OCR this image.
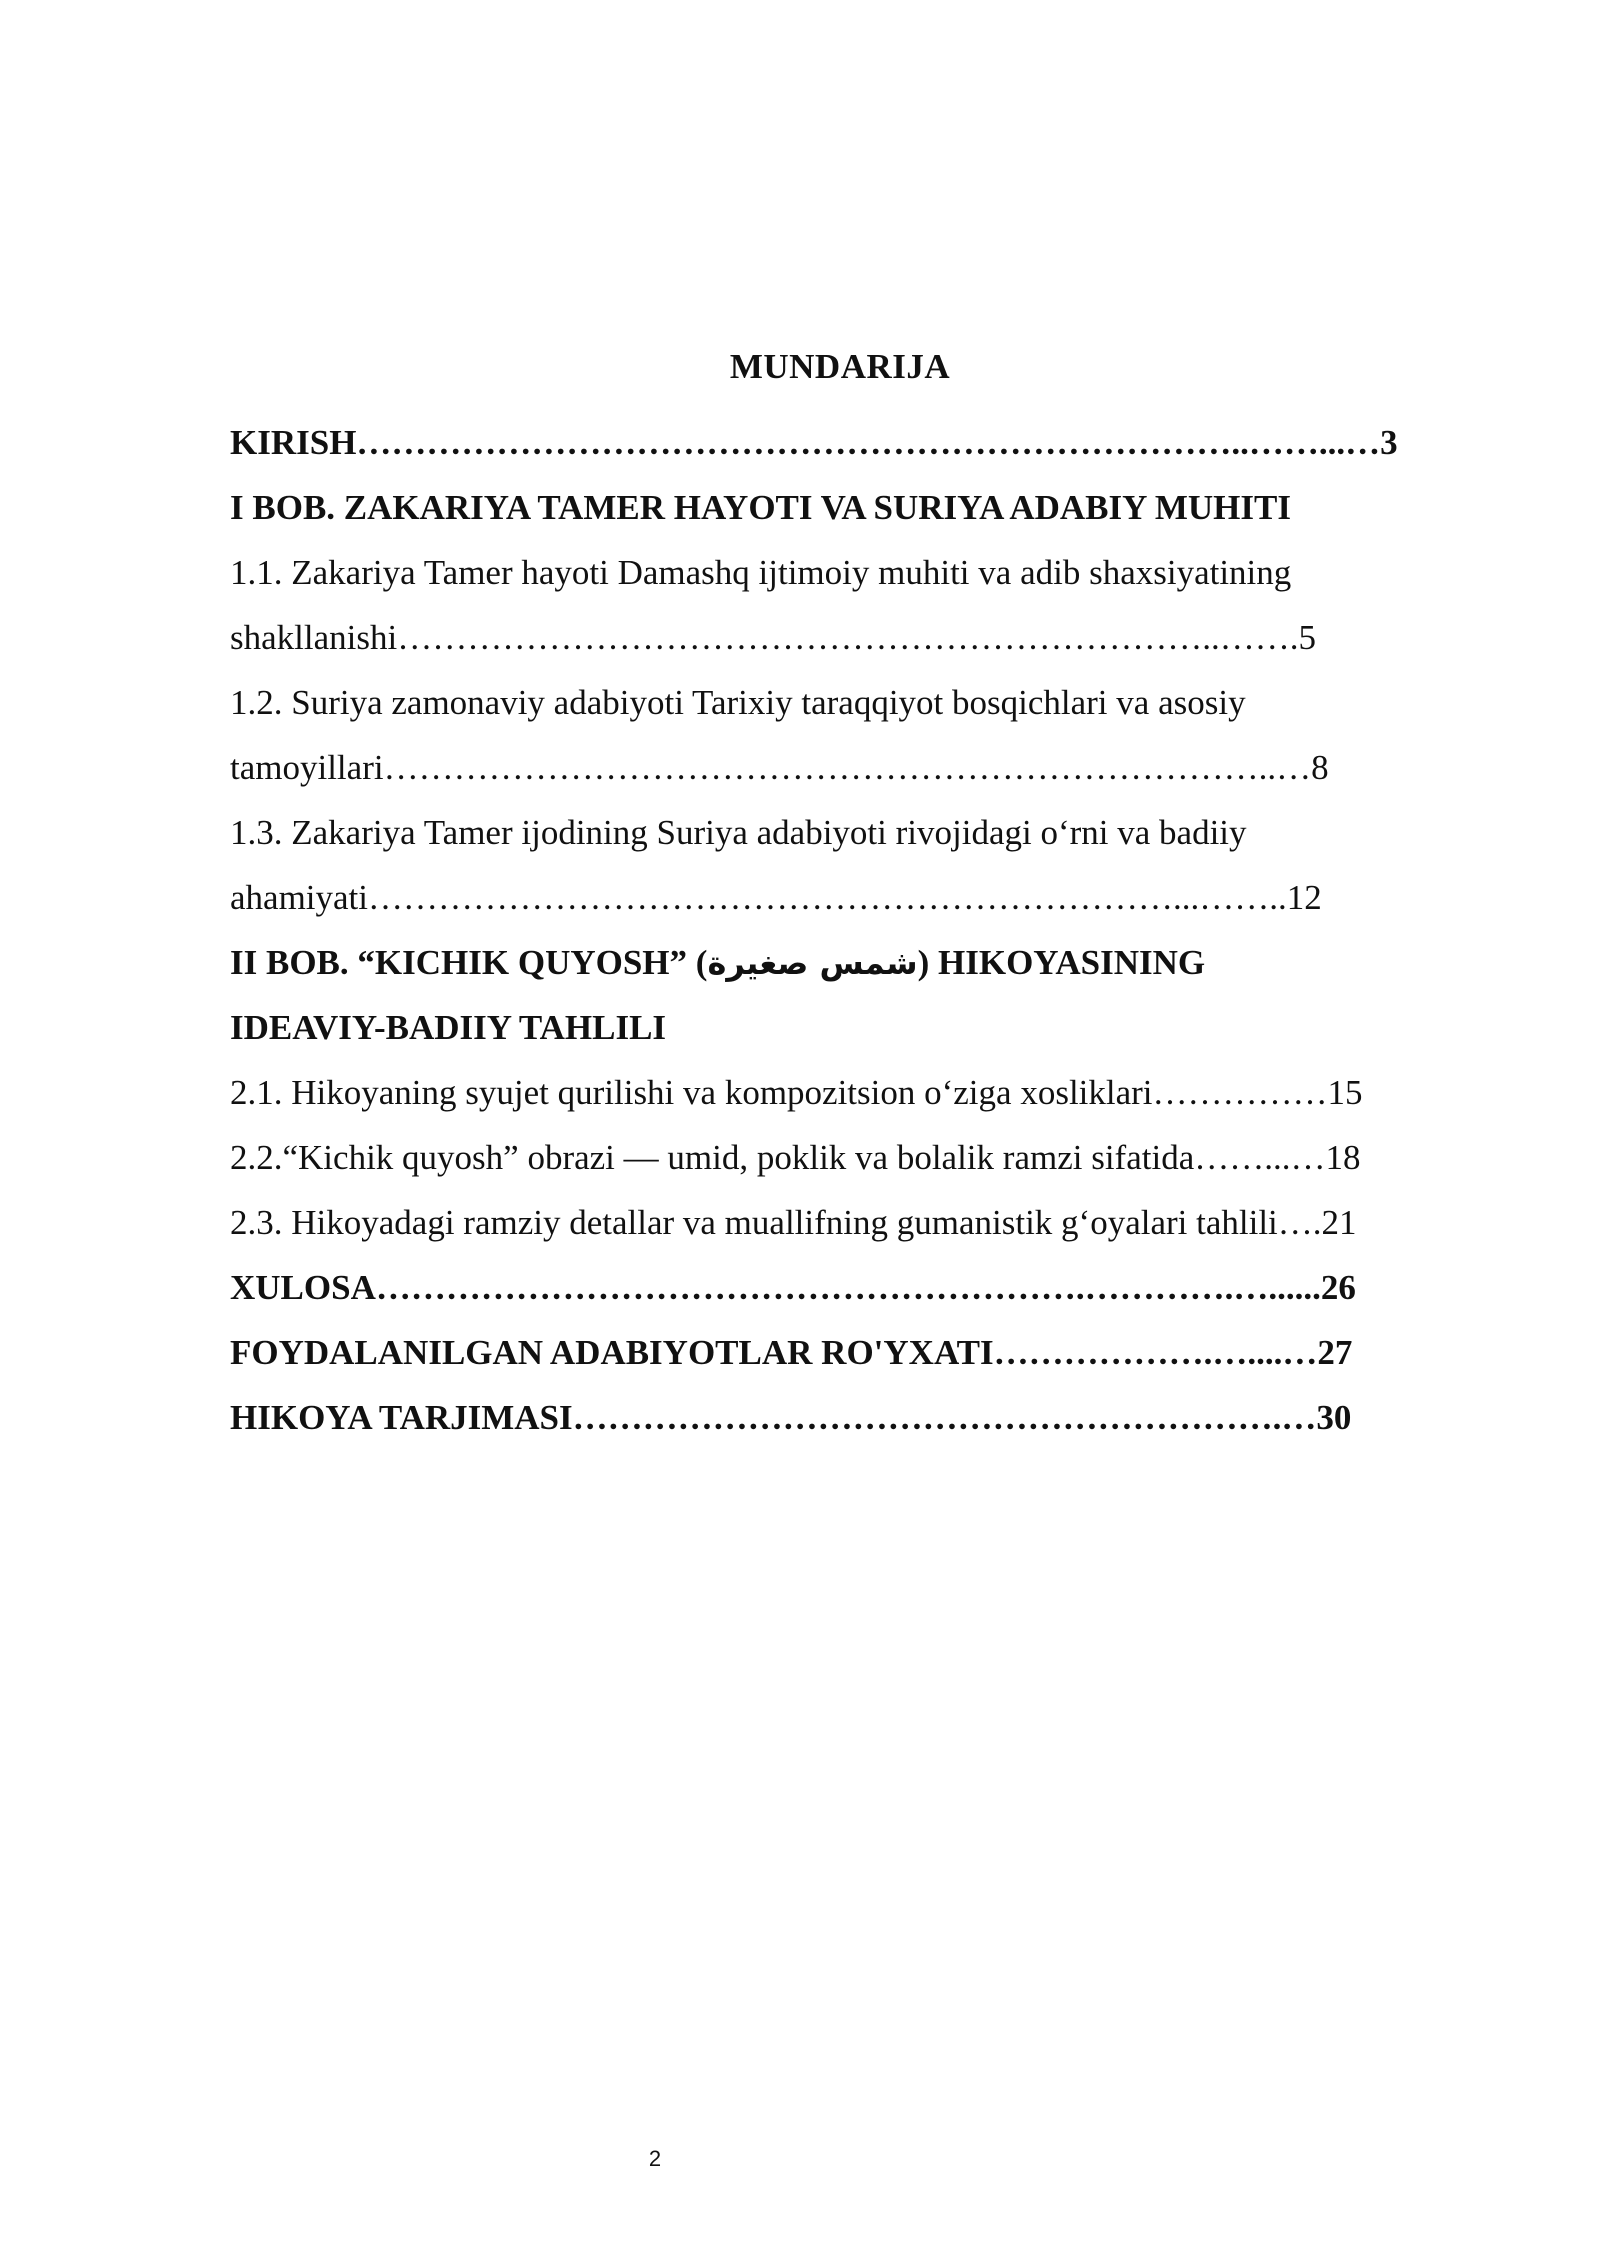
MUNDARIJA
KIRISH…………………………………………………………………..……...…3
I BOB. ZAKARIYA TAMER HAYOTI VA SURIYA ADABIY MUHITI
1.1. Zakariya Tamer hayoti Damashq ijtimoiy muhiti va adib shaxsiyatining
shakllanishi……………………………………………………………..…….5
1.2. Suriya zamonaviy adabiyoti Tarixiy taraqqiyot bosqichlari va asosiy
tamoyillari…………………………………………………………………..…8
1.3. Zakariya Tamer ijodining Suriya adabiyoti rivojidagi o‘rni va badiiy
ahamiyati……………………………………………………………...……..12
II BOB. “KICHIK QUYOSH” (شمس صغيرة) HIKOYASINING
IDEAVIY-BADIIY TAHLILI
2.1. Hikoyaning syujet qurilishi va kompozitsion o‘ziga xosliklari……………15
2.2.“Kichik quyosh” obrazi — umid, poklik va bolalik ramzi sifatida……...…18
2.3. Hikoyadagi ramziy detallar va muallifning gumanistik g‘oyalari tahlili….21
XULOSA…………………………………………………….………….…......26
FOYDALANILGAN ADABIYOTLAR RO'YXATI……………….…....…27
HIKOYA TARJIMASI…………………………………………………….…30
2
